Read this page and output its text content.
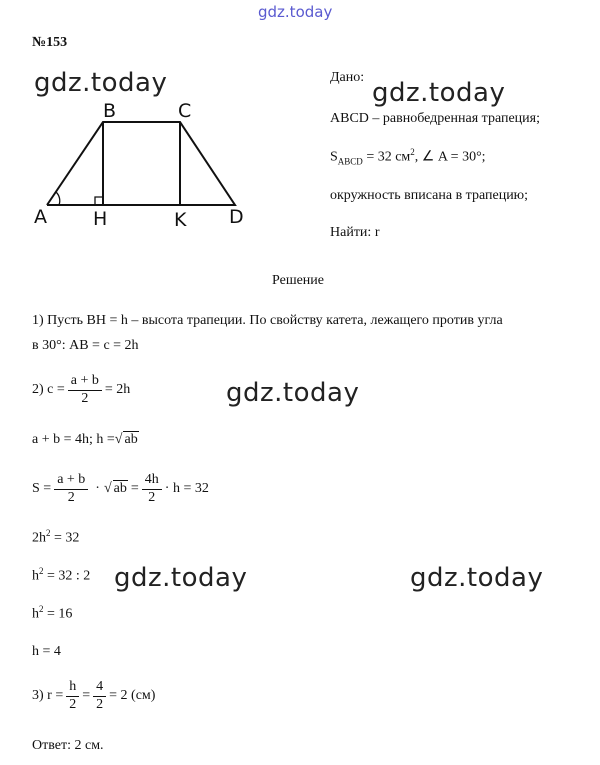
gdz.today
gdz.today	gdz.today
gdz.today
gdz.today	gdz.today
№153
B	C
A H	K D
Дано:
ABCD – равнобедренная трапеция;
$S_{ABCD} = 32$ $см^2$, ∠ A = 30°;
окружность вписана в трапецию;
Найти: r
Решение
1) Пусть BH = h – высота трапеции. По свойству катета, лежащего против угла
в 30°: AB = c = 2h
2) $c = \frac{a + b}{2} = 2h$
a + b = 4h; h = √ ab
$S = \frac{a + b}{2}$ · √ ab = $\frac{4h}{2} \cdot h = 32$
$2h^2 = 32$
$h^2 = 32$ : 2
$h^2 = 16$
h = 4
3) $r = \frac{h}{2} = \frac{4}{2} = 2$ (см)
Ответ: 2 см.
